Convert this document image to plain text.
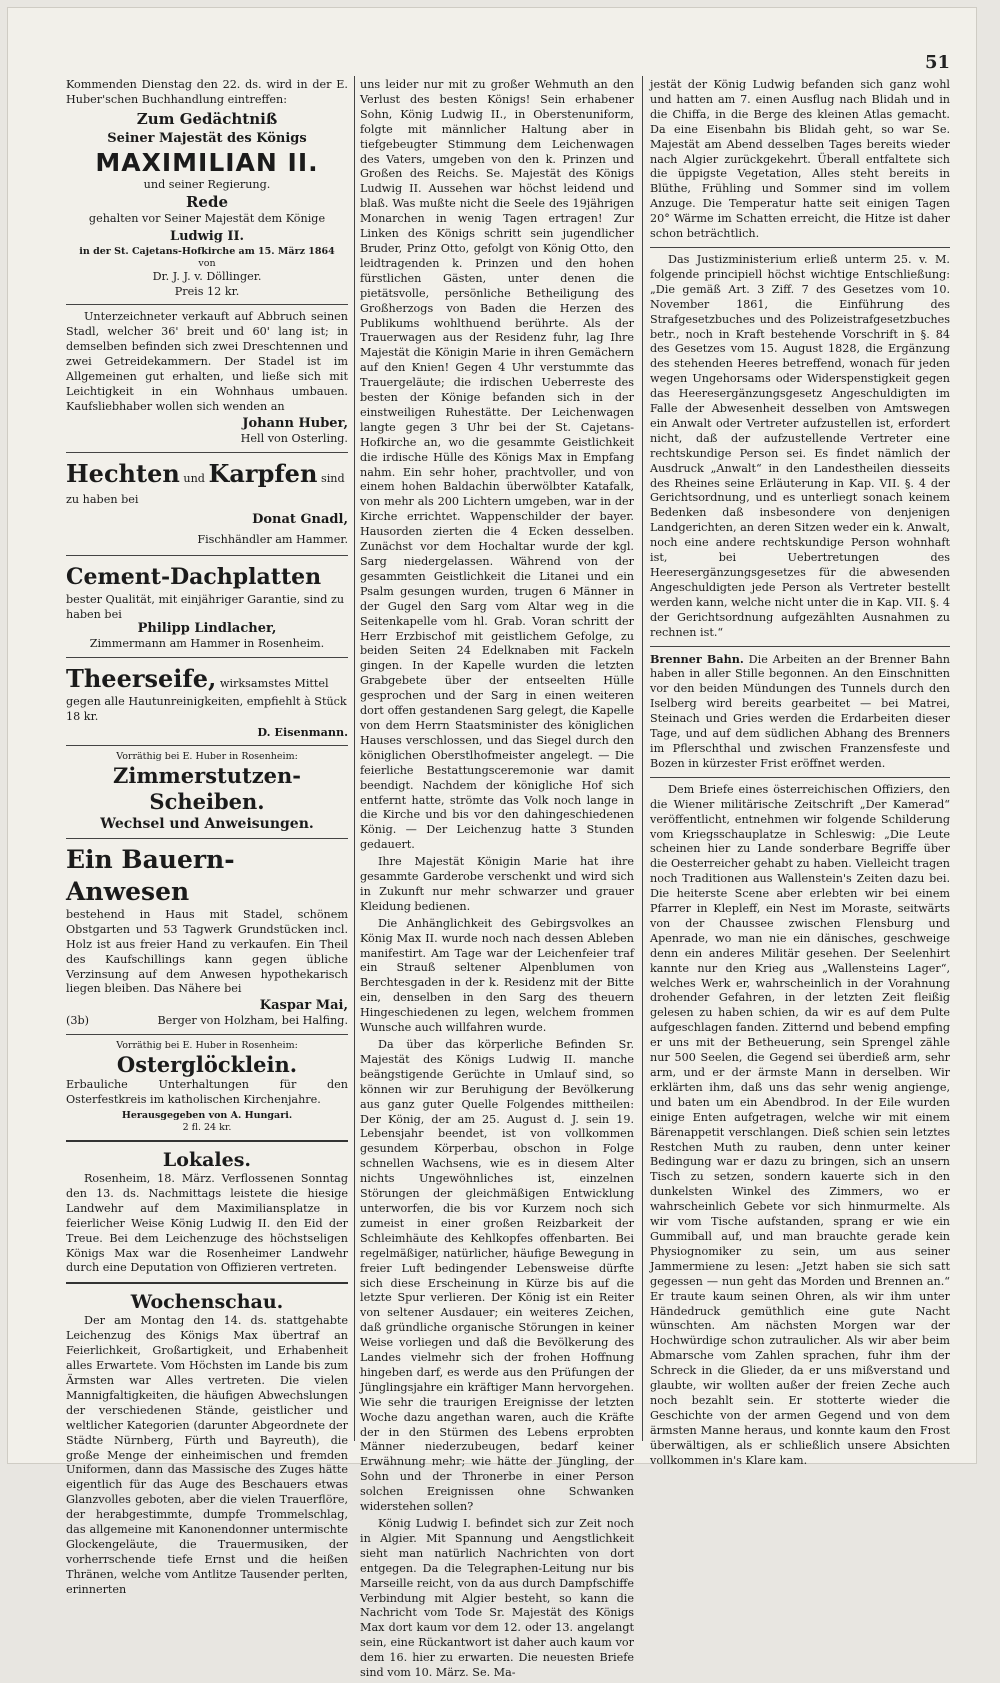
51

Kommenden Dienstag den 22. ds. wird in der E. Huber'schen Buchhandlung eintreffen:

Zum Gedächtniß
Seiner Majestät des Königs
MAXIMILIAN II.
und seiner Regierung.
Rede
gehalten vor Seiner Majestät dem Könige
Ludwig II.
in der St. Cajetans-Hofkirche am 15. März 1864
von
Dr. J. J. v. Döllinger.
Preis 12 kr.

Unterzeichneter verkauft auf Abbruch seinen Stadl, welcher 36' breit und 60' lang ist; in demselben befinden sich zwei Dreschtennen und zwei Getreidekammern. Der Stadel ist im Allgemeinen gut erhalten, und ließe sich mit Leichtigkeit in ein Wohnhaus umbauen. Kaufsliebhaber wollen sich wenden an

Johann Huber,
Hell von Osterling.
Hechten und Karpfen sind zu haben bei
Donat Gnadl,
Fischhändler am Hammer.
Cement-Dachplatten bester Qualität, mit einjähriger Garantie, sind zu haben bei
Philipp Lindlacher,
Zimmermann am Hammer in Rosenheim.
Theerseife, wirksamstes Mittel gegen alle Hautunreinigkeiten, empfiehlt à Stück 18 kr.
D. Eisenmann.
Vorräthig bei E. Huber in Rosenheim:
Zimmerstutzen-Scheiben.
Wechsel und Anweisungen.
Ein Bauern-Anwesen

bestehend in Haus mit Stadel, schönem Obstgarten und 53 Tagwerk Grundstücken incl. Holz ist aus freier Hand zu verkaufen. Ein Theil des Kaufschillings kann gegen übliche Verzinsung auf dem Anwesen hypothekarisch liegen bleiben. Das Nähere bei

Kaspar Mai,
(3b)	Berger von Holzham, bei Halfing.
Vorräthig bei E. Huber in Rosenheim:
Osterglöcklein.

Erbauliche Unterhaltungen für den Osterfestkreis im katholischen Kirchenjahre.

Herausgegeben von A. Hungari.
2 fl. 24 kr.
Lokales.

Rosenheim, 18. März. Verflossenen Sonntag den 13. ds. Nachmittags leistete die hiesige Landwehr auf dem Maximiliansplatze in feierlicher Weise König Ludwig II. den Eid der Treue. Bei dem Leichenzuge des höchstseligen Königs Max war die Rosenheimer Landwehr durch eine Deputation von Offizieren vertreten.

Wochenschau.

Der am Montag den 14. ds. stattgehabte Leichenzug des Königs Max übertraf an Feierlichkeit, Großartigkeit, und Erhabenheit alles Erwartete. Vom Höchsten im Lande bis zum Ärmsten war Alles vertreten. Die vielen Mannigfaltigkeiten, die häufigen Abwechslungen der verschiedenen Stände, geistlicher und weltlicher Kategorien (darunter Abgeordnete der Städte Nürnberg, Fürth und Bayreuth), die große Menge der einheimischen und fremden Uniformen, dann das Massische des Zuges hätte eigentlich für das Auge des Beschauers etwas Glanzvolles geboten, aber die vielen Trauerflöre, der herabgestimmte, dumpfe Trommelschlag, das allgemeine mit Kanonendonner untermischte Glockengeläute, die Trauermusiken, der vorherrschende tiefe Ernst und die heißen Thränen, welche vom Antlitze Tausender perlten, erinnerten

uns leider nur mit zu großer Wehmuth an den Verlust des besten Königs! Sein erhabener Sohn, König Ludwig II., in Oberstenuniform, folgte mit männlicher Haltung aber in tiefgebeugter Stimmung dem Leichenwagen des Vaters, umgeben von den k. Prinzen und Großen des Reichs. Se. Majestät des Königs Ludwig II. Aussehen war höchst leidend und blaß. Was mußte nicht die Seele des 19jährigen Monarchen in wenig Tagen ertragen! Zur Linken des Königs schritt sein jugendlicher Bruder, Prinz Otto, gefolgt von König Otto, den leidtragenden k. Prinzen und den hohen fürstlichen Gästen, unter denen die pietätsvolle, persönliche Betheiligung des Großherzogs von Baden die Herzen des Publikums wohlthuend berührte. Als der Trauerwagen aus der Residenz fuhr, lag Ihre Majestät die Königin Marie in ihren Gemächern auf den Knien! Gegen 4 Uhr verstummte das Trauergeläute; die irdischen Ueberreste des besten der Könige befanden sich in der einstweiligen Ruhestätte. Der Leichenwagen langte gegen 3 Uhr bei der St. Cajetans-Hofkirche an, wo die gesammte Geistlichkeit die irdische Hülle des Königs Max in Empfang nahm. Ein sehr hoher, prachtvoller, und von einem hohen Baldachin überwölbter Katafalk, von mehr als 200 Lichtern umgeben, war in der Kirche errichtet. Wappenschilder der bayer. Hausorden zierten die 4 Ecken desselben. Zunächst vor dem Hochaltar wurde der kgl. Sarg niedergelassen. Während von der gesammten Geistlichkeit die Litanei und ein Psalm gesungen wurden, trugen 6 Männer in der Gugel den Sarg vom Altar weg in die Seitenkapelle vom hl. Grab. Voran schritt der Herr Erzbischof mit geistlichem Gefolge, zu beiden Seiten 24 Edelknaben mit Fackeln gingen. In der Kapelle wurden die letzten Grabgebete über der entseelten Hülle gesprochen und der Sarg in einen weiteren dort offen gestandenen Sarg gelegt, die Kapelle von dem Herrn Staatsminister des königlichen Hauses verschlossen, und das Siegel durch den königlichen Oberstlhofmeister angelegt. — Die feierliche Bestattungsceremonie war damit beendigt. Nachdem der königliche Hof sich entfernt hatte, strömte das Volk noch lange in die Kirche und bis vor den dahingeschiedenen König. — Der Leichenzug hatte 3 Stunden gedauert.

Ihre Majestät Königin Marie hat ihre gesammte Garderobe verschenkt und wird sich in Zukunft nur mehr schwarzer und grauer Kleidung bedienen.

Die Anhänglichkeit des Gebirgsvolkes an König Max II. wurde noch nach dessen Ableben manifestirt. Am Tage war der Leichenfeier traf ein Strauß seltener Alpenblumen von Berchtesgaden in der k. Residenz mit der Bitte ein, denselben in den Sarg des theuern Hingeschiedenen zu legen, welchem frommen Wunsche auch willfahren wurde.

Da über das körperliche Befinden Sr. Majestät des Königs Ludwig II. manche beängstigende Gerüchte in Umlauf sind, so können wir zur Beruhigung der Bevölkerung aus ganz guter Quelle Folgendes mittheilen: Der König, der am 25. August d. J. sein 19. Lebensjahr beendet, ist von vollkommen gesundem Körperbau, obschon in Folge schnellen Wachsens, wie es in diesem Alter nichts Ungewöhnliches ist, einzelnen Störungen der gleichmäßigen Entwicklung unterworfen, die bis vor Kurzem noch sich zumeist in einer großen Reizbarkeit der Schleimhäute des Kehlkopfes offenbarten. Bei regelmäßiger, natürlicher, häufige Bewegung in freier Luft bedingender Lebensweise dürfte sich diese Erscheinung in Kürze bis auf die letzte Spur verlieren. Der König ist ein Reiter von seltener Ausdauer; ein weiteres Zeichen, daß gründliche organische Störungen in keiner Weise vorliegen und daß die Bevölkerung des Landes vielmehr sich der frohen Hoffnung hingeben darf, es werde aus den Prüfungen der Jünglingsjahre ein kräftiger Mann hervorgehen. Wie sehr die traurigen Ereignisse der letzten Woche dazu angethan waren, auch die Kräfte der in den Stürmen des Lebens erprobten Männer niederzubeugen, bedarf keiner Erwähnung mehr; wie hätte der Jüngling, der Sohn und der Thronerbe in einer Person solchen Ereignissen ohne Schwanken widerstehen sollen?

König Ludwig I. befindet sich zur Zeit noch in Algier. Mit Spannung und Aengstlichkeit sieht man natürlich Nachrichten von dort entgegen. Da die Telegraphen-Leitung nur bis Marseille reicht, von da aus durch Dampfschiffe Verbindung mit Algier besteht, so kann die Nachricht vom Tode Sr. Majestät des Königs Max dort kaum vor dem 12. oder 13. angelangt sein, eine Rückantwort ist daher auch kaum vor dem 16. hier zu erwarten. Die neuesten Briefe sind vom 10. März. Se. Ma-

jestät der König Ludwig befanden sich ganz wohl und hatten am 7. einen Ausflug nach Blidah und in die Chiffa, in die Berge des kleinen Atlas gemacht. Da eine Eisenbahn bis Blidah geht, so war Se. Majestät am Abend desselben Tages bereits wieder nach Algier zurückgekehrt. Überall entfaltete sich die üppigste Vegetation, Alles steht bereits in Blüthe, Frühling und Sommer sind im vollem Anzuge. Die Temperatur hatte seit einigen Tagen 20° Wärme im Schatten erreicht, die Hitze ist daher schon beträchtlich.

Das Justizministerium erließ unterm 25. v. M. folgende principiell höchst wichtige Entschließung: „Die gemäß Art. 3 Ziff. 7 des Gesetzes vom 10. November 1861, die Einführung des Strafgesetzbuches und des Polizeistrafgesetzbuches betr., noch in Kraft bestehende Vorschrift in §. 84 des Gesetzes vom 15. August 1828, die Ergänzung des stehenden Heeres betreffend, wonach für jeden wegen Ungehorsams oder Widerspenstigkeit gegen das Heeresergänzungsgesetz Angeschuldigten im Falle der Abwesenheit desselben von Amtswegen ein Anwalt oder Vertreter aufzustellen ist, erfordert nicht, daß der aufzustellende Vertreter eine rechtskundige Person sei. Es findet nämlich der Ausdruck „Anwalt“ in den Landestheilen diesseits des Rheines seine Erläuterung in Kap. VII. §. 4 der Gerichtsordnung, und es unterliegt sonach keinem Bedenken daß insbesondere von denjenigen Landgerichten, an deren Sitzen weder ein k. Anwalt, noch eine andere rechtskundige Person wohnhaft ist, bei Uebertretungen des Heeresergänzungsgesetzes für die abwesenden Angeschuldigten jede Person als Vertreter bestellt werden kann, welche nicht unter die in Kap. VII. §. 4 der Gerichtsordnung aufgezählten Ausnahmen zu rechnen ist.“

Brenner Bahn. Die Arbeiten an der Brenner Bahn haben in aller Stille begonnen. An den Einschnitten vor den beiden Mündungen des Tunnels durch den Iselberg wird bereits gearbeitet — bei Matrei, Steinach und Gries werden die Erdarbeiten dieser Tage, und auf dem südlichen Abhang des Brenners im Pflerschthal und zwischen Franzensfeste und Bozen in kürzester Frist eröffnet werden.

Dem Briefe eines österreichischen Offiziers, den die Wiener militärische Zeitschrift „Der Kamerad“ veröffentlicht, entnehmen wir folgende Schilderung vom Kriegsschauplatze in Schleswig: „Die Leute scheinen hier zu Lande sonderbare Begriffe über die Oesterreicher gehabt zu haben. Vielleicht tragen noch Traditionen aus Wallenstein's Zeiten dazu bei. Die heiterste Scene aber erlebten wir bei einem Pfarrer in Klepleff, ein Nest im Moraste, seitwärts von der Chaussee zwischen Flensburg und Apenrade, wo man nie ein dänisches, geschweige denn ein anderes Militär gesehen. Der Seelenhirt kannte nur den Krieg aus „Wallensteins Lager“, welches Werk er, wahrscheinlich in der Vorahnung drohender Gefahren, in der letzten Zeit fleißig gelesen zu haben schien, da wir es auf dem Pulte aufgeschlagen fanden. Zitternd und bebend empfing er uns mit der Betheuerung, sein Sprengel zähle nur 500 Seelen, die Gegend sei überdieß arm, sehr arm, und er der ärmste Mann in derselben. Wir erklärten ihm, daß uns das sehr wenig angienge, und baten um ein Abendbrod. In der Eile wurden einige Enten aufgetragen, welche wir mit einem Bärenappetit verschlangen. Dieß schien sein letztes Restchen Muth zu rauben, denn unter keiner Bedingung war er dazu zu bringen, sich an unsern Tisch zu setzen, sondern kauerte sich in den dunkelsten Winkel des Zimmers, wo er wahrscheinlich Gebete vor sich hinmurmelte. Als wir vom Tische aufstanden, sprang er wie ein Gummiball auf, und man brauchte gerade kein Physiognomiker zu sein, um aus seiner Jammermiene zu lesen: „Jetzt haben sie sich satt gegessen — nun geht das Morden und Brennen an.“ Er traute kaum seinen Ohren, als wir ihm unter Händedruck gemüthlich eine gute Nacht wünschten. Am nächsten Morgen war der Hochwürdige schon zutraulicher. Als wir aber beim Abmarsche vom Zahlen sprachen, fuhr ihm der Schreck in die Glieder, da er uns mißverstand und glaubte, wir wollten außer der freien Zeche auch noch bezahlt sein. Er stotterte wieder die Geschichte von der armen Gegend und von dem ärmsten Manne heraus, und konnte kaum den Frost überwältigen, als er schließlich unsere Absichten vollkommen in's Klare kam.
